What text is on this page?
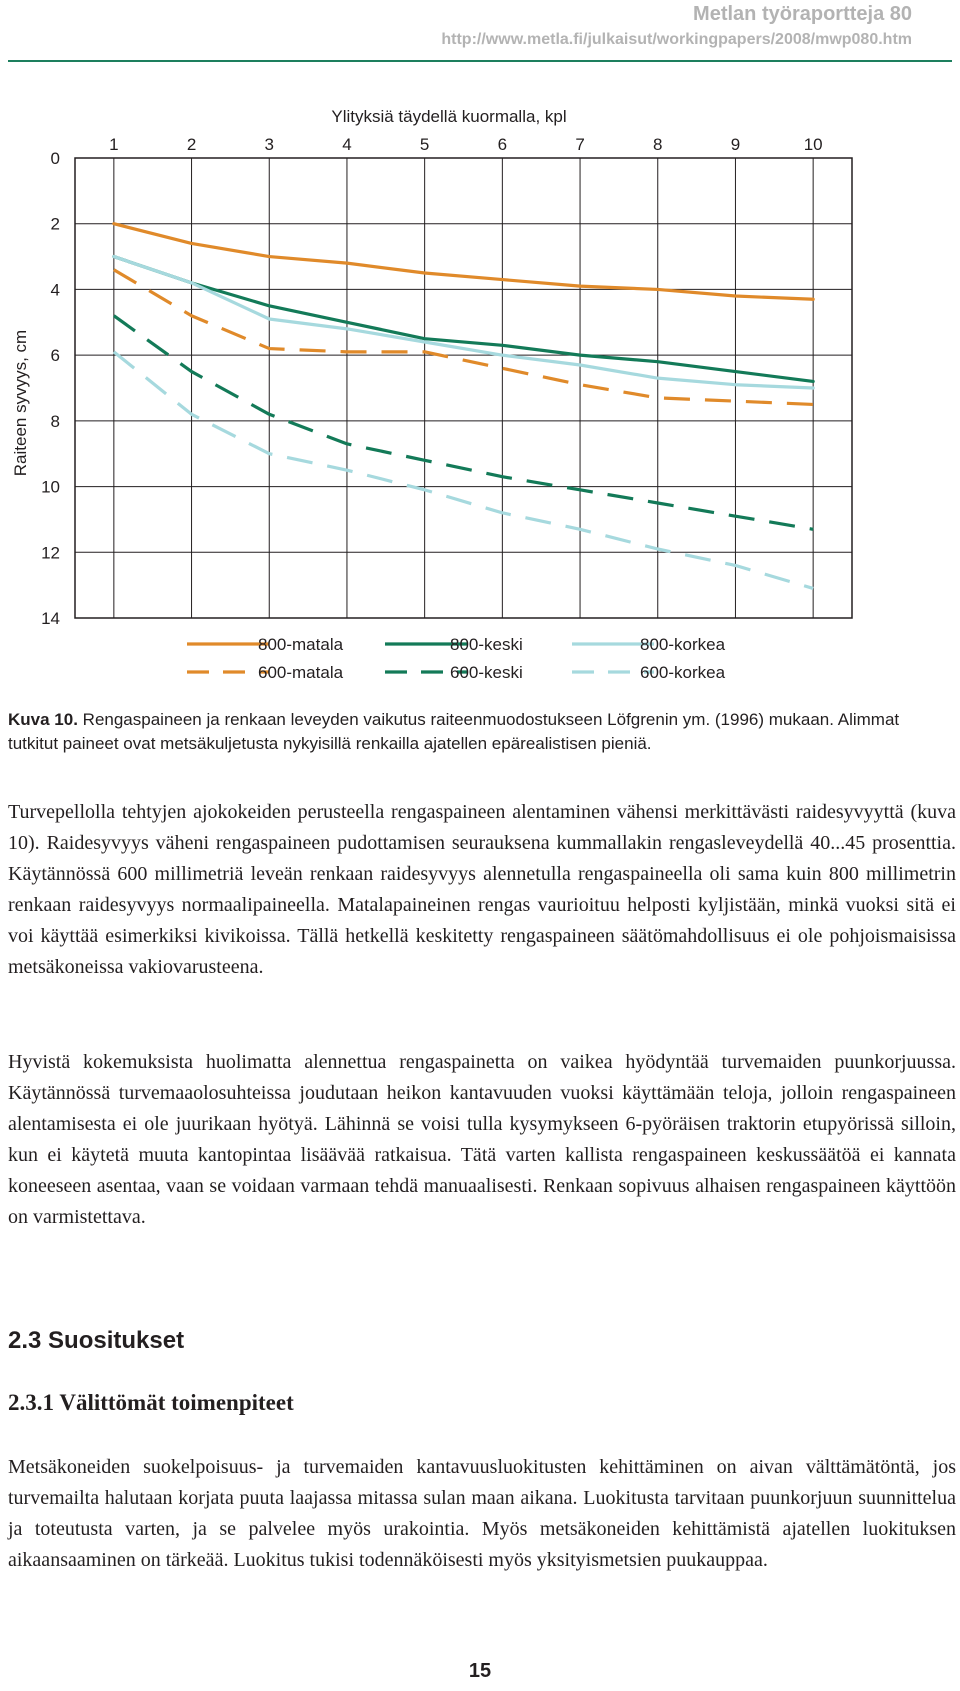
Metlan työraportteja 80
http://www.metla.fi/julkaisut/workingpapers/2008/mwp080.htm
Ylityksiä täydellä kuormalla, kpl
Raiteen syvyys, cm
1	2	3	4	5	6	7	8	9	10
0
2
4
6
8
10
12
14
800-matala
600-matala
800-keski
600-keski
800-korkea
600-korkea
Kuva 10. Rengaspaineen ja renkaan leveyden vaikutus raiteenmuodostukseen Löfgrenin ym. (1996) mukaan. Alimmat tutkitut paineet ovat metsäkuljetusta nykyisillä renkailla ajatellen epärealistisen pieniä.

Turvepellolla tehtyjen ajokokeiden perusteella rengaspaineen alentaminen vähensi merkittävästi raidesyvyyttä (kuva 10). Raidesyvyys väheni rengaspaineen pudottamisen seurauksena kummallakin rengasleveydellä 40...45 prosenttia. Käytännössä 600 millimetriä leveän renkaan raidesyvyys alennetulla rengaspaineella oli sama kuin 800 millimetrin renkaan raidesyvyys normaalipaineella. Matalapaineinen rengas vaurioituu helposti kyljistään, minkä vuoksi sitä ei voi käyttää esimerkiksi kivikoissa. Tällä hetkellä keskitetty rengaspaineen säätömahdollisuus ei ole pohjoismaisissa metsäkoneissa vakiovarusteena.

Hyvistä kokemuksista huolimatta alennettua rengaspainetta on vaikea hyödyntää turvemaiden puunkorjuussa. Käytännössä turvemaaolosuhteissa joudutaan heikon kantavuuden vuoksi käyttämään teloja, jolloin rengaspaineen alentamisesta ei ole juurikaan hyötyä. Lähinnä se voisi tulla kysymykseen 6-pyöräisen traktorin etupyörissä silloin, kun ei käytetä muuta kantopintaa lisäävää ratkaisua. Tätä varten kallista rengaspaineen keskussäätöä ei kannata koneeseen asentaa, vaan se voidaan varmaan tehdä manuaalisesti. Renkaan sopivuus alhaisen rengaspaineen käyttöön on varmistettava.

2.3 Suositukset
2.3.1 Välittömät toimenpiteet

Metsäkoneiden suokelpoisuus- ja turvemaiden kantavuusluokitusten kehittäminen on aivan välttämätöntä, jos turvemailta halutaan korjata puuta laajassa mitassa sulan maan aikana. Luokitusta tarvitaan puunkorjuun suunnittelua ja toteutusta varten, ja se palvelee myös urakointia. Myös metsäkoneiden kehittämistä ajatellen luokituksen aikaansaaminen on tärkeää. Luokitus tukisi todennäköisesti myös yksityismetsien puukauppaa.

15
